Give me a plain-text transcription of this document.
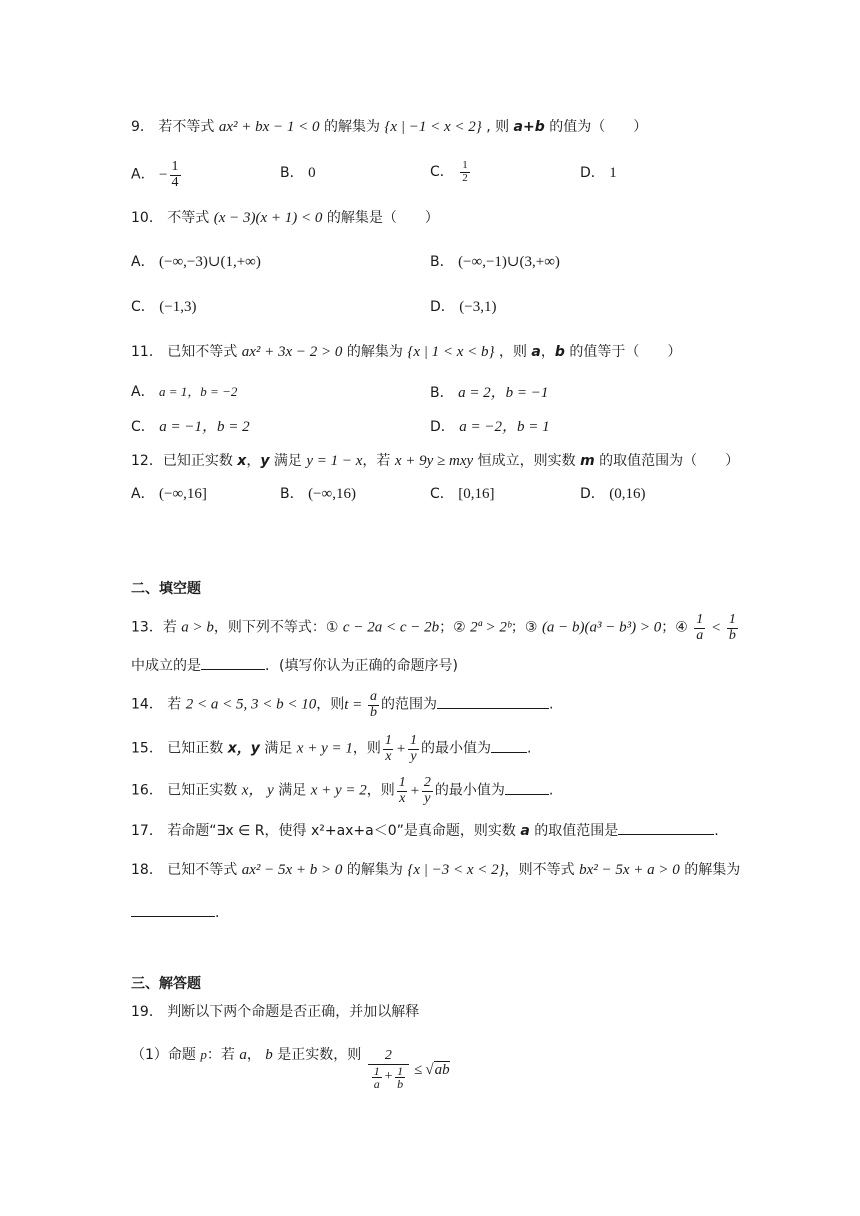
9． 若不等式 ax² + bx − 1 < 0 的解集为 {x | −1 < x < 2} , 则 a+b 的值为（　　）
A． − $\frac{1}{4}$	B． 0	C． $\frac{1}{2}$	D． 1
10． 不等式 (x − 3)(x + 1) < 0 的解集是（　　）
A． (−∞,−3)∪(1,+∞)	B． (−∞,−1)∪(3,+∞)
C． (−1,3)	D． (−3,1)
11． 已知不等式 ax² + 3x − 2 > 0 的解集为 {x | 1 < x < b} ，则 a，b 的值等于（　　）
A． a = 1，b = −2	B． a = 2，b = −1
C． a = −1，b = 2	D． a = −2，b = 1
12．已知正实数 x，y 满足 y = 1 − x，若 x + 9y ≥ mxy 恒成立，则实数 m 的取值范围为（　　）
A． (−∞,16]	B． (−∞,16)	C． [0,16]	D． (0,16)
二、填空题
13．若 a > b，则下列不等式：① c − 2a < c − 2b；② 2ª > 2ᵇ；③ (a − b)(a³ − b³) > 0；④ $\frac{1}{a} < \frac{1}{b}$
中成立的是	．(填写你认为正确的命题序号)
14． 若 2 < a < 5, 3 < b < 10，则$t = \frac{a}{b}$ 的范围为	.
15． 已知正数 x，y 满足 x + y = 1，则 $\frac{1}{x} + \frac{1}{y}$ 的最小值为	.
16． 已知正实数 x， y 满足 x + y = 2，则 $\frac{1}{x} + \frac{2}{y}$ 的最小值为	.
17． 若命题“∃x ∈ R，使得 x²+ax+a＜0”是真命题，则实数 a 的取值范围是	.
18． 已知不等式 ax² − 5x + b > 0 的解集为 {x | −3 < x < 2}，则不等式 bx² − 5x + a > 0 的解集为
.
三、解答题
19． 判断以下两个命题是否正确，并加以解释
（1）命题 p：若 a， b 是正实数，则 $\frac{2}{\frac{1}{a} + \frac{1}{b}} \le √ab$
